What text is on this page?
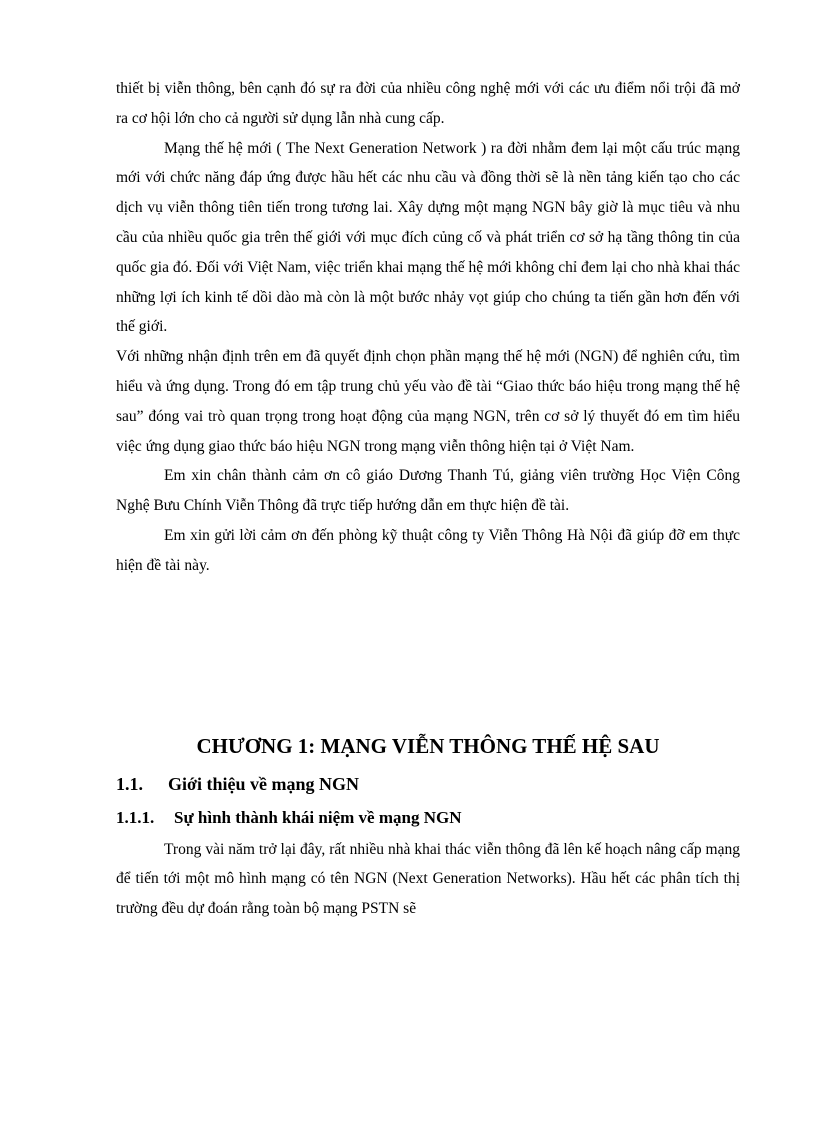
thiết bị viễn thông, bên cạnh đó sự ra đời của nhiều công nghệ mới với các ưu điểm nổi trội đã mở ra cơ hội lớn cho cả người sử dụng lẫn nhà cung cấp.

Mạng thế hệ mới ( The Next Generation Network ) ra đời nhằm đem lại một cấu trúc mạng mới với chức năng đáp ứng được hầu hết các nhu cầu và đồng thời sẽ là nền tảng kiến tạo cho các dịch vụ viễn thông tiên tiến trong tương lai. Xây dựng một mạng NGN bây giờ là mục tiêu và nhu cầu của nhiều quốc gia trên thế giới với mục đích củng cố và phát triển cơ sở hạ tầng thông tin của quốc gia đó. Đối với Việt Nam, việc triển khai mạng thế hệ mới không chỉ đem lại cho nhà khai thác những lợi ích kinh tế dồi dào mà còn là một bước nhảy vọt giúp cho chúng ta tiến gần hơn đến với thế giới.

Với những nhận định trên em đã quyết định chọn phần mạng thế hệ mới (NGN) để nghiên cứu, tìm hiểu và ứng dụng. Trong đó em tập trung chủ yếu vào đề tài “Giao thức báo hiệu trong mạng thế hệ sau” đóng vai trò quan trọng trong hoạt động của mạng NGN, trên cơ sở lý thuyết đó em tìm hiểu việc ứng dụng giao thức báo hiệu NGN trong mạng viễn thông hiện tại ở Việt Nam.

Em xin chân thành cảm ơn cô giáo Dương Thanh Tú, giảng viên trường Học Viện Công Nghệ Bưu Chính Viễn Thông đã trực tiếp hướng dẫn em thực hiện đề tài.

Em xin gửi lời cảm ơn đến phòng kỹ thuật công ty Viễn Thông Hà Nội đã giúp đỡ em thực hiện đề tài này.

CHƯƠNG 1: MẠNG VIỄN THÔNG THẾ HỆ SAU
1.1. Giới thiệu về mạng NGN
1.1.1. Sự hình thành khái niệm về mạng NGN

Trong vài năm trở lại đây, rất nhiều nhà khai thác viễn thông đã lên kế hoạch nâng cấp mạng để tiến tới một mô hình mạng có tên NGN (Next Generation Networks). Hầu hết các phân tích thị trường đều dự đoán rằng toàn bộ mạng PSTN sẽ
